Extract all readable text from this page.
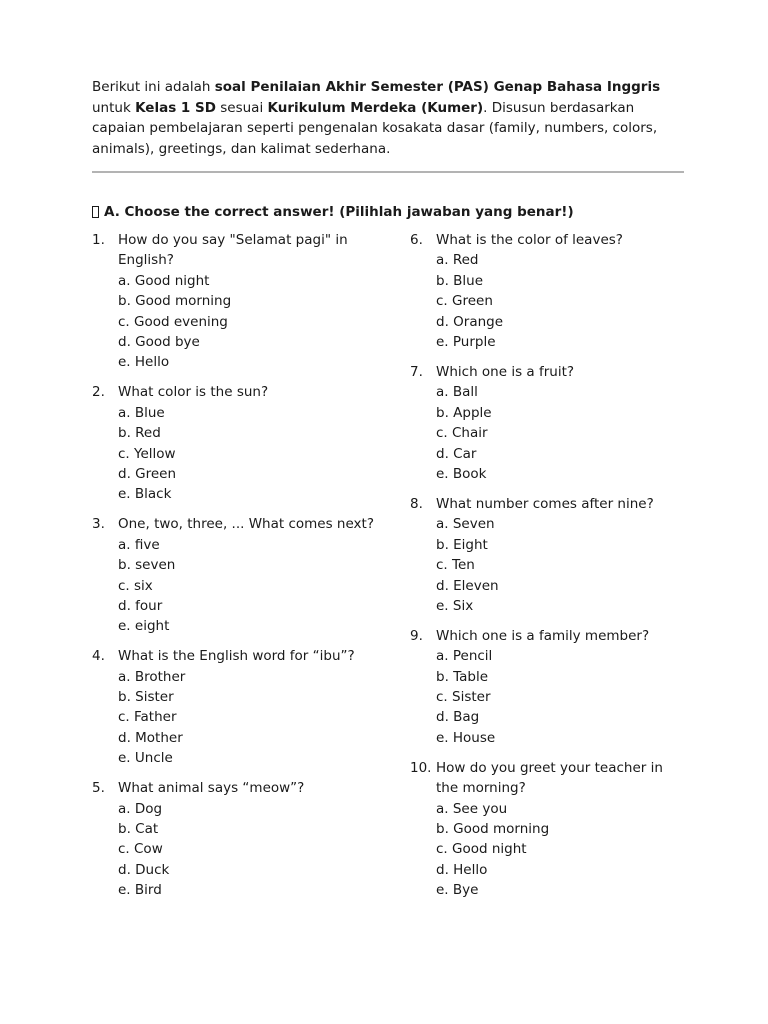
Berikut ini adalah soal Penilaian Akhir Semester (PAS) Genap Bahasa Inggris untuk Kelas 1 SD sesuai Kurikulum Merdeka (Kumer). Disusun berdasarkan capaian pembelajaran seperti pengenalan kosakata dasar (family, numbers, colors, animals), greetings, dan kalimat sederhana.

A. Choose the correct answer! (Pilihlah jawaban yang benar!)
1. How do you say "Selamat pagi" in English?
a. Good night
b. Good morning
c. Good evening
d. Good bye
e. Hello
2. What color is the sun?
a. Blue
b. Red
c. Yellow
d. Green
e. Black
3. One, two, three, ... What comes next?
a. five
b. seven
c. six
d. four
e. eight
4. What is the English word for “ibu”?
a. Brother
b. Sister
c. Father
d. Mother
e. Uncle
5. What animal says “meow”?
a. Dog
b. Cat
c. Cow
d. Duck
e. Bird
6. What is the color of leaves?
a. Red
b. Blue
c. Green
d. Orange
e. Purple
7. Which one is a fruit?
a. Ball
b. Apple
c. Chair
d. Car
e. Book
8. What number comes after nine?
a. Seven
b. Eight
c. Ten
d. Eleven
e. Six
9. Which one is a family member?
a. Pencil
b. Table
c. Sister
d. Bag
e. House
10. How do you greet your teacher in the morning?
a. See you
b. Good morning
c. Good night
d. Hello
e. Bye
